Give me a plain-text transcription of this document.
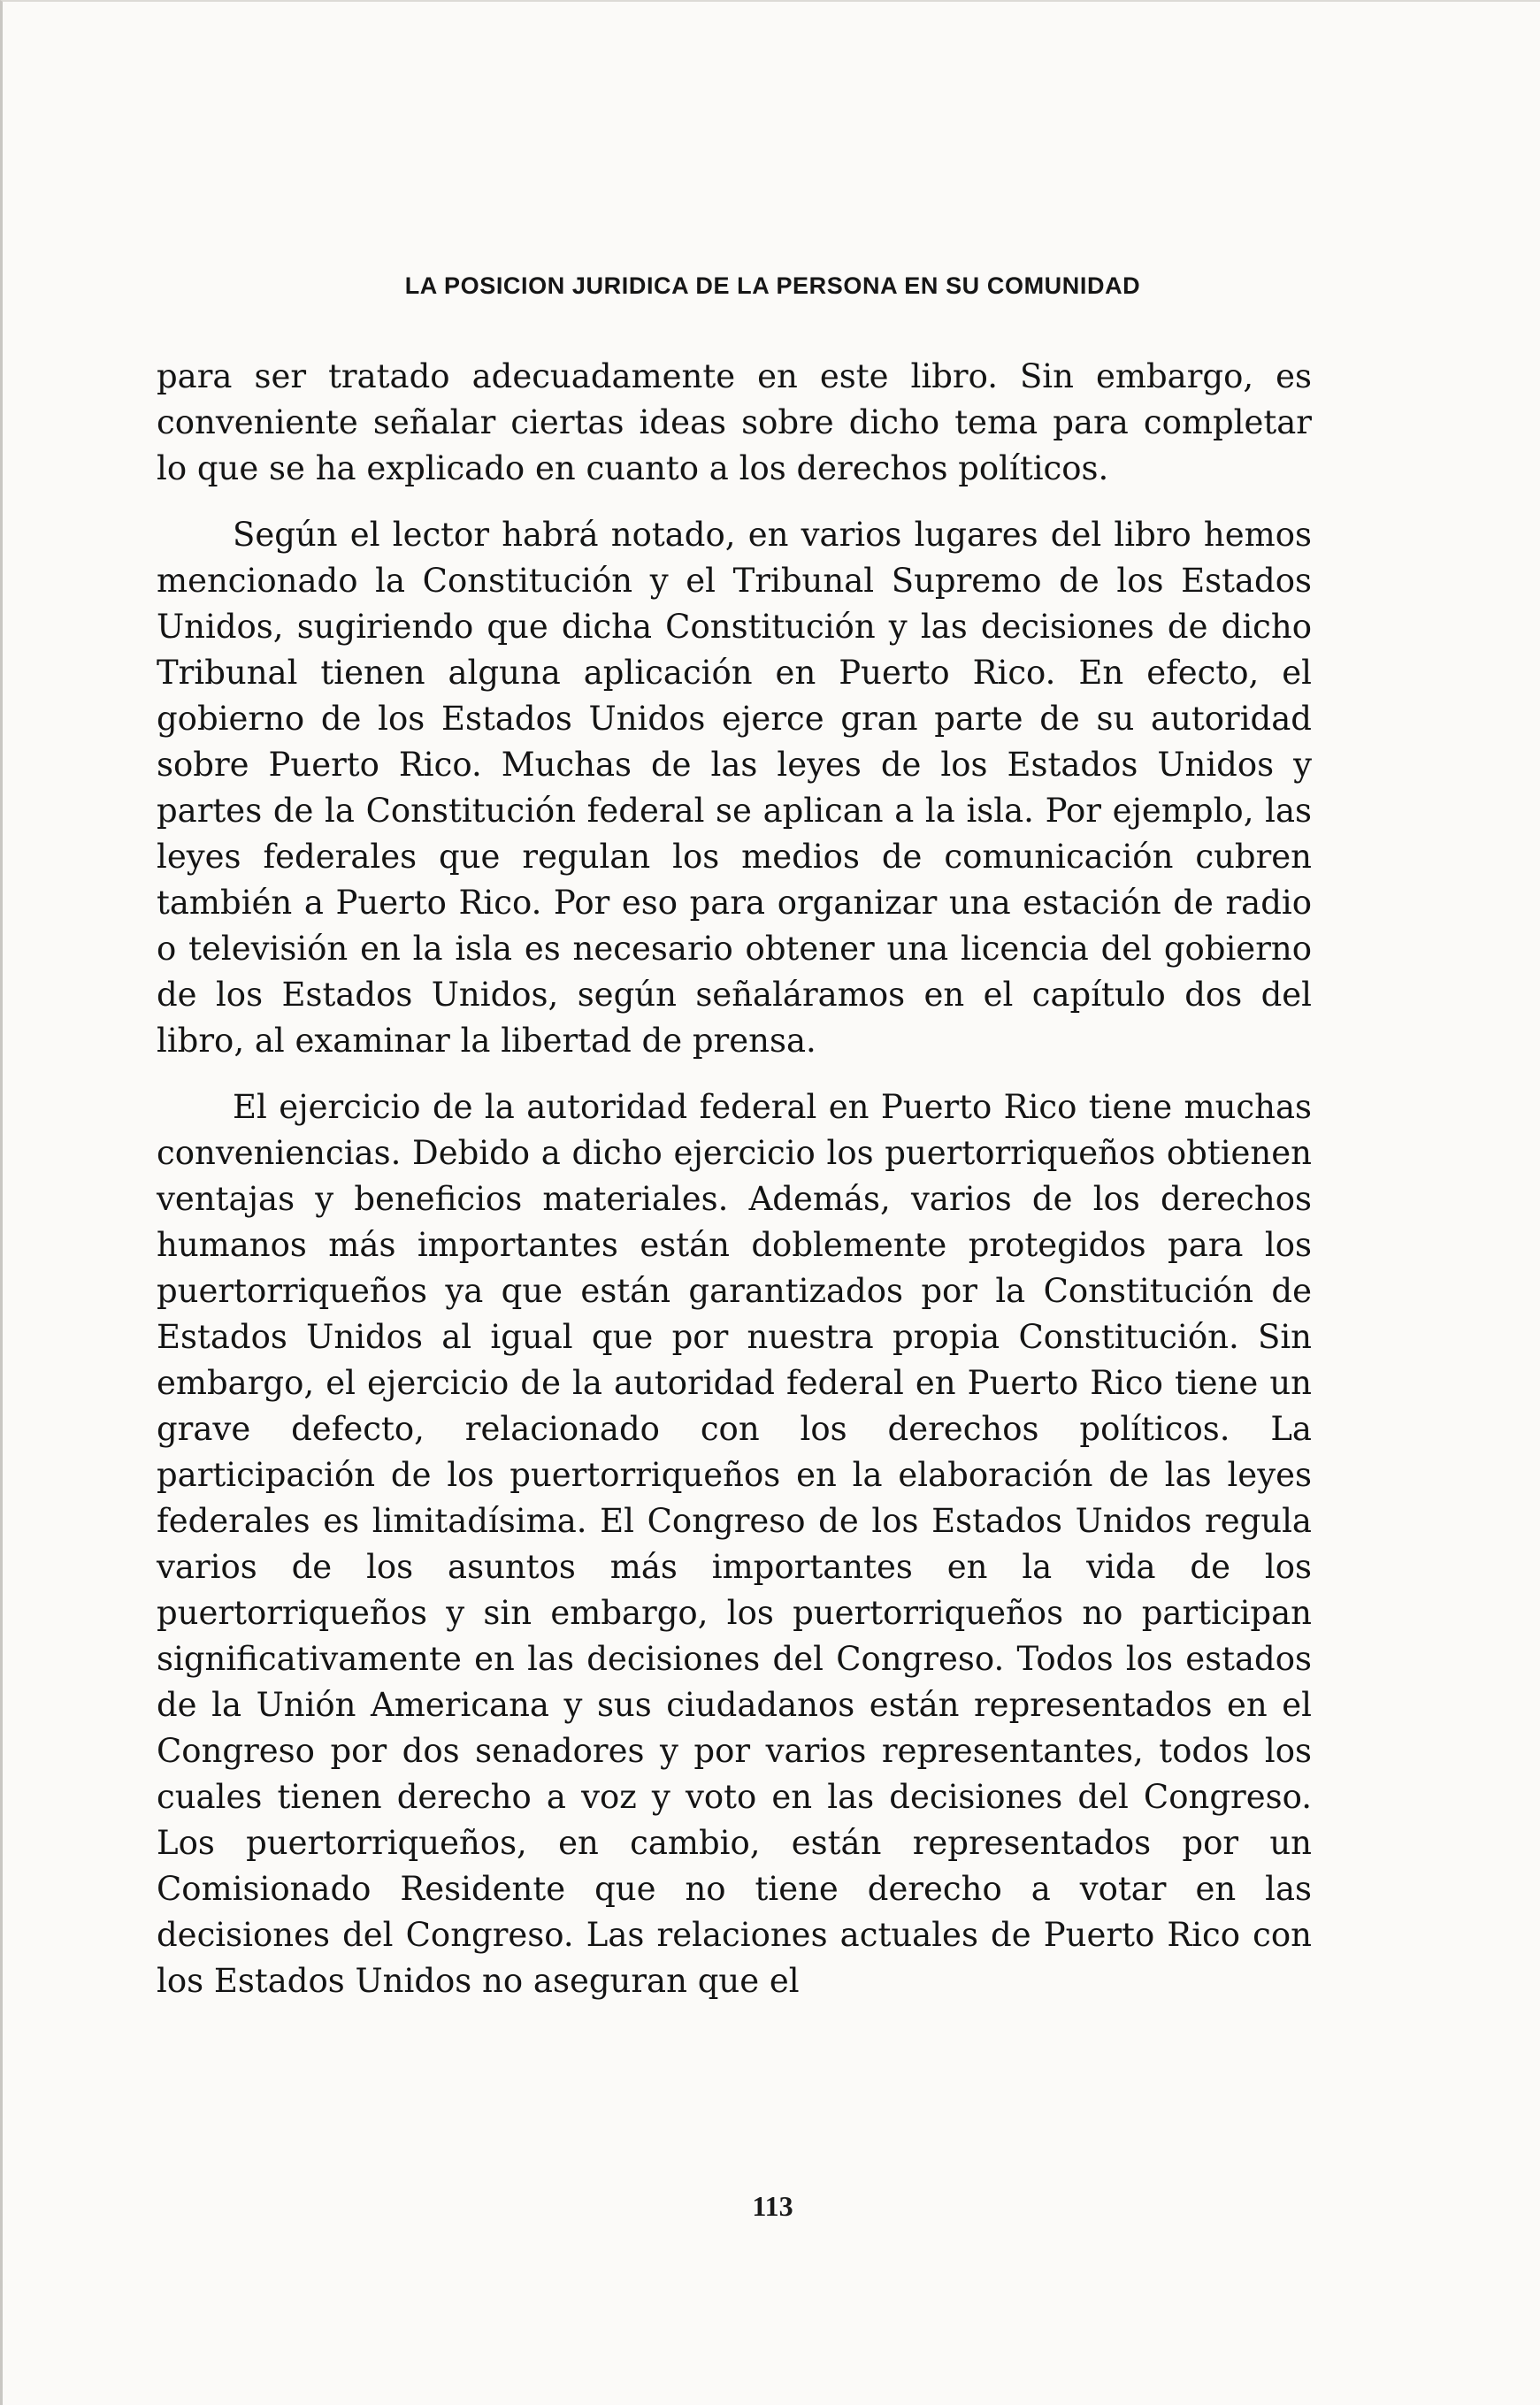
LA POSICION JURIDICA DE LA PERSONA EN SU COMUNIDAD

para ser tratado adecuadamente en este libro. Sin embargo, es conveniente señalar ciertas ideas sobre dicho tema para completar lo que se ha explicado en cuanto a los derechos políticos.

Según el lector habrá notado, en varios lugares del libro hemos mencionado la Constitución y el Tribunal Supremo de los Estados Unidos, sugiriendo que dicha Constitución y las decisiones de dicho Tribunal tienen alguna aplicación en Puerto Rico. En efecto, el gobierno de los Estados Unidos ejerce gran parte de su autoridad sobre Puerto Rico. Muchas de las leyes de los Estados Unidos y partes de la Constitución federal se aplican a la isla. Por ejemplo, las leyes federales que regulan los medios de comunicación cubren también a Puerto Rico. Por eso para organizar una estación de radio o televisión en la isla es necesario obtener una licencia del gobierno de los Estados Unidos, según señaláramos en el capítulo dos del libro, al examinar la libertad de prensa.

El ejercicio de la autoridad federal en Puerto Rico tiene muchas conveniencias. Debido a dicho ejercicio los puertorriqueños obtienen ventajas y beneficios materiales. Además, varios de los derechos humanos más importantes están doblemente protegidos para los puertorriqueños ya que están garantizados por la Constitución de Estados Unidos al igual que por nuestra propia Constitución. Sin embargo, el ejercicio de la autoridad federal en Puerto Rico tiene un grave defecto, relacionado con los derechos políticos. La participación de los puertorriqueños en la elaboración de las leyes federales es limitadísima. El Congreso de los Estados Unidos regula varios de los asuntos más importantes en la vida de los puertorriqueños y sin embargo, los puertorriqueños no participan significativamente en las decisiones del Congreso. Todos los estados de la Unión Americana y sus ciudadanos están representados en el Congreso por dos senadores y por varios representantes, todos los cuales tienen derecho a voz y voto en las decisiones del Congreso. Los puertorriqueños, en cambio, están representados por un Comisionado Residente que no tiene derecho a votar en las decisiones del Congreso. Las relaciones actuales de Puerto Rico con los Estados Unidos no aseguran que el

113
